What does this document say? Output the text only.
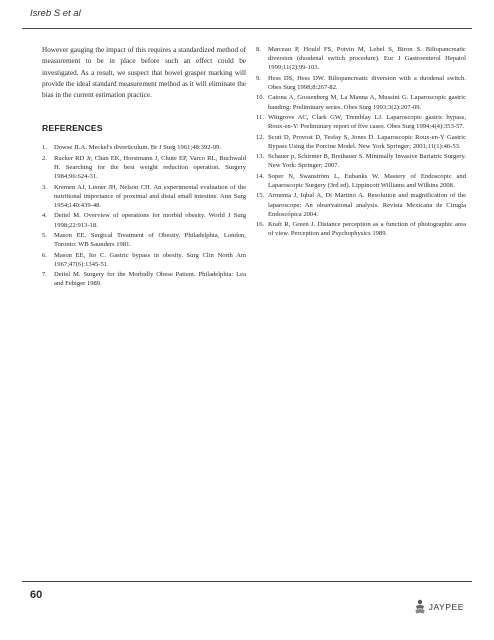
Isreb S et al

However gauging the impact of this requires a standardized method of measurement to be in place before such an effect could be investigated. As a result, we suspect that bowel grasper marking will provide the ideal standard measurement method as it will eliminate the bias in the current estimation practice.

REFERENCES
1. Dowse JLA. Meckel's diverticulum. Br J Surg 1961;48:392-99.
2. Rucker RD Jr, Chan EK, Horstmann J, Chute EP, Varco RL, Buchwald H. Searching for the best weight reduction operation. Surgery 1984;96:624-31.
3. Kremen AJ, Linner JH, Nelson CH. An experimental evaluation of the nutritional importance of proximal and distal small intestine. Ann Surg 1954;140:439-48.
4. Deitel M. Overview of operations for morbid obesity. World J Surg 1998;22:913-18.
5. Mason EE. Surgical Treatment of Obesity. Philadelphia, London, Toronto: WB Saunders 1981.
6. Mason EE, Ito C. Gastric bypass in obesity. Surg Clin North Am 1967;47(6):1345-51.
7. Deitel M. Surgery for the Morbidly Obese Patient. Philadelphia: Lea and Febiger 1989.
8. Marceau P, Hould FS, Potvin M, Lebel S, Biron S. Biliopancreatic diversion (duodenal switch procedure). Eur J Gastroenterol Hepatol 1999;11(2):99-103.
9. Hess DS, Hess DW. Biliopancreatic diversion with a duodenal switch. Obes Surg 1998;8:267-82.
10. Catona A, Gossenberg M, La Manna A, Mussini G. Laparoscopic gastric banding: Preliminary series. Obes Surg 1993;3(2):207-09.
11. Wittgrove AC, Clark GW, Tremblay LJ. Laparoscopic gastric bypass, Roux-en-Y: Preliminary report of five cases. Obes Surg 1994;4(4):353-57.
12. Scott D, Provost D, Tesfay S, Jones D. Laparoscopic Roux-en-Y Gastric Bypass Using the Porcine Model. New York Springer; 2001;11(1):46-53.
13. Schauer p, Schirmer B, Brethauer S. Minimally Invasive Bariatric Surgery. New York: Springer; 2007.
14. Soper N, Swanström L, Eubanks W. Mastery of Endoscopic and Laparoscopic Surgery (3rd ed). Lippincott Williams and Wilkins 2008.
15. Armenta J, Iqbal A, Di Martino A. Resolution and magnification of the laparoscope: An observational analysis. Revista Mexicana de Cirugía Endoscópica 2004.
16. Kraft R, Green J. Distance perception as a function of photographic area of view. Perception and Psychophysics 1989.
60
JAYPEE
